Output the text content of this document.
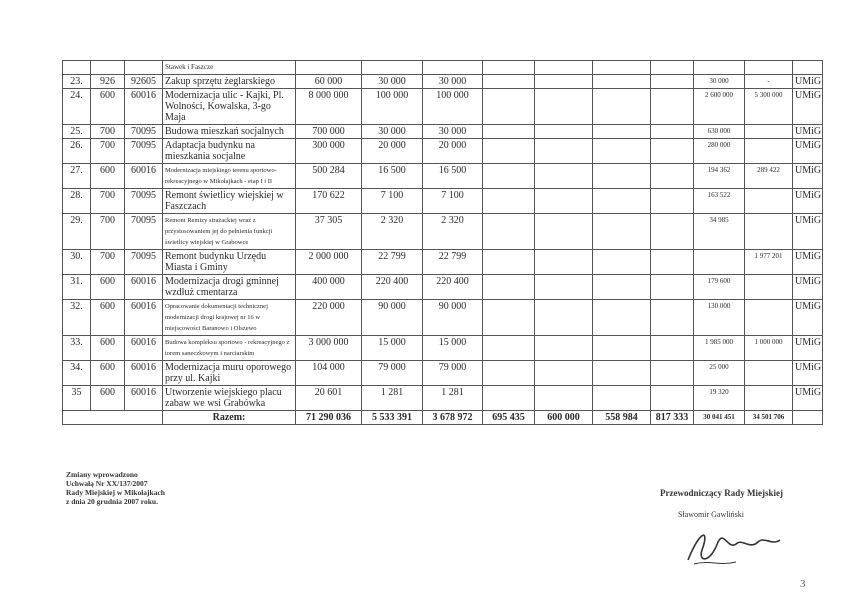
			Stawek i Faszcze										
23.	926	92605	Zakup sprzętu żeglarskiego	60 000	30 000	30 000					30 000	-	UMiG
24.	600	60016	Modernizacja ulic - Kajki, Pl. Wolności, Kowalska, 3-go Maja	8 000 000	100 000	100 000					2 600 000	5 300 000	UMiG
25.	700	70095	Budowa mieszkań socjalnych	700 000	30 000	30 000					630 000		UMiG
26.	700	70095	Adaptacja budynku na mieszkania socjalne	300 000	20 000	20 000					280 000		UMiG
27.	600	60016	Modernizacja miejskiego terenu sportowo-rekreacyjnego w Mikołajkach - etap I i II	500 284	16 500	16 500					194 362	289 422	UMiG
28.	700	70095	Remont świetlicy wiejskiej w Faszczach	170 622	7 100	7 100					163 522		UMiG
29.	700	70095	Remont Remizy strażackiej wraz z przystosowaniem jej do pełnienia funkcji świetlicy wiejskiej w Grabowce	37 305	2 320	2 320					34 985		UMiG
30.	700	70095	Remont budynku Urzędu Miasta i Gminy	2 000 000	22 799	22 799						1 977 201	UMiG
31.	600	60016	Modernizacja drogi gminnej wzdłuż cmentarza	400 000	220 400	220 400					179 600		UMiG
32.	600	60016	Opracowanie dokumentacji technicznej modernizacji drogi krajowej nr 16 w miejscowości Baranowo i Olszewo	220 000	90 000	90 000					130 000		UMiG
33.	600	60016	Budowa kompleksu sportowo - rekreacyjnego z torem saneczkowym i narciarskim	3 000 000	15 000	15 000					1 985 000	1 000 000	UMiG
34.	600	60016	Modernizacja muru oporowego przy ul. Kajki	104 000	79 000	79 000					25 000		UMiG
35	600	60016	Utworzenie wiejskiego placu zabaw we wsi Grabówka	20 601	1 281	1 281					19 320		UMiG
			Razem:	71 290 036	5 533 391	3 678 972	695 435	600 000	558 984	817 333	30 041 451	34 501 706	
Zmiany wprowadzono
Uchwałą Nr XX/137/2007
Rady Miejskiej w Mikołajkach
z dnia 20 grudnia 2007 roku.
Przewodniczący Rady Miejskiej
Sławomir Gawliński
3
